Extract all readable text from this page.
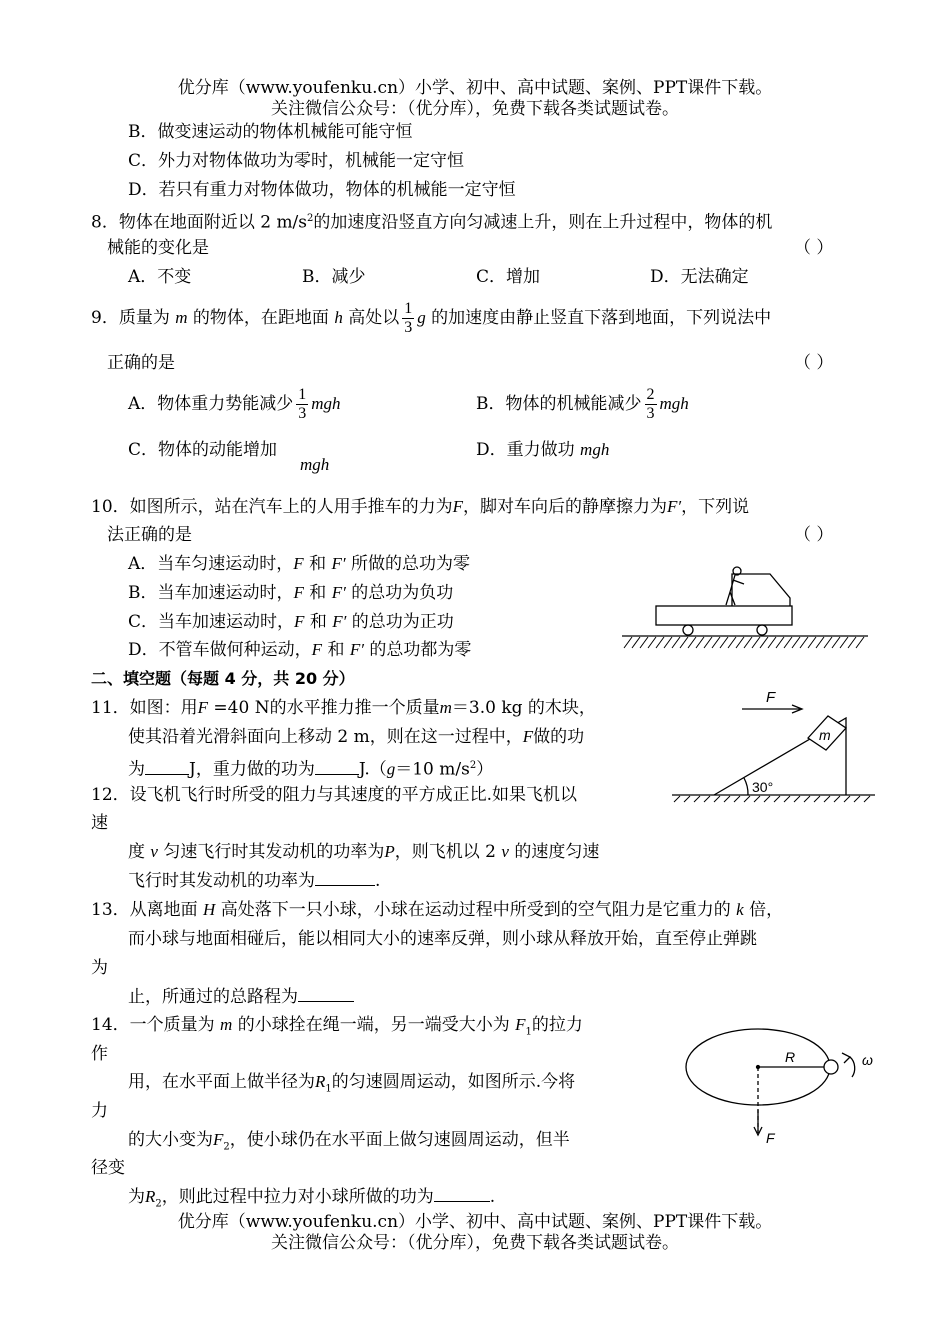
优分库（www.youfenku.cn）小学、初中、高中试题、案例、PPT课件下载。
关注微信公众号：（优分库），免费下载各类试题试卷。
B．做变速运动的物体机械能可能守恒
C．外力对物体做功为零时，机械能一定守恒
D．若只有重力对物体做功，物体的机械能一定守恒
8．物体在地面附近以 2 $m/s^2$的加速度沿竖直方向匀减速上升，则在上升过程中，物体的机
械能的变化是	（ ）
A．不变	B．减少	C．增加	D．无法确定
9．质量为 m 的物体，在距地面 h 高处以 $\frac{1}{3}$ g 的加速度由静止竖直下落到地面，下列说法中
正确的是	（ ）
A．物体重力势能减少 $\frac{1}{3}$ mgh	B．物体的机械能减少 $\frac{2}{3}$ mgh
C．物体的动能增加
mgh
D．重力做功 mgh
10．如图所示，站在汽车上的人用手推车的力为F，脚对车向后的静摩擦力为F′，下列说
法正确的是	（ ）
A．当车匀速运动时，F 和 F′ 所做的总功为零
B．当车加速运动时，F 和 F′ 的总功为负功
C．当车加速运动时，F 和 F′ 的总功为正功
D．不管车做何种运动，F 和 F′ 的总功都为零
二、填空题（每题 4 分，共 20 分）
11．如图：用F =40 N的水平推力推一个质量m＝3.0 kg 的木块，
使其沿着光滑斜面向上移动 2 m，则在这一过程中，F做的功
为	J，重力做的功为	J.（g＝10 $m/s^2$）
F
m
30°
12．设飞机飞行时所受的阻力与其速度的平方成正比.如果飞机以
速
度 v 匀速飞行时其发动机的功率为P，则飞机以 2 v 的速度匀速
飞行时其发动机的功率为	.
13．从离地面 H 高处落下一只小球，小球在运动过程中所受到的空气阻力是它重力的 k 倍，
而小球与地面相碰后，能以相同大小的速率反弹，则小球从释放开始，直至停止弹跳
为
止，所通过的总路程为
14．一个质量为 m 的小球拴在绳一端，另一端受大小为 $F_1$的拉力
作
用，在水平面上做半径为$R_1$的匀速圆周运动，如图所示.今将
力
的大小变为$F_2$，使小球仍在水平面上做匀速圆周运动，但半
径变
为$R_2$，则此过程中拉力对小球所做的功为	.
R	ω
F
优分库（www.youfenku.cn）小学、初中、高中试题、案例、PPT课件下载。
关注微信公众号：（优分库），免费下载各类试题试卷。
